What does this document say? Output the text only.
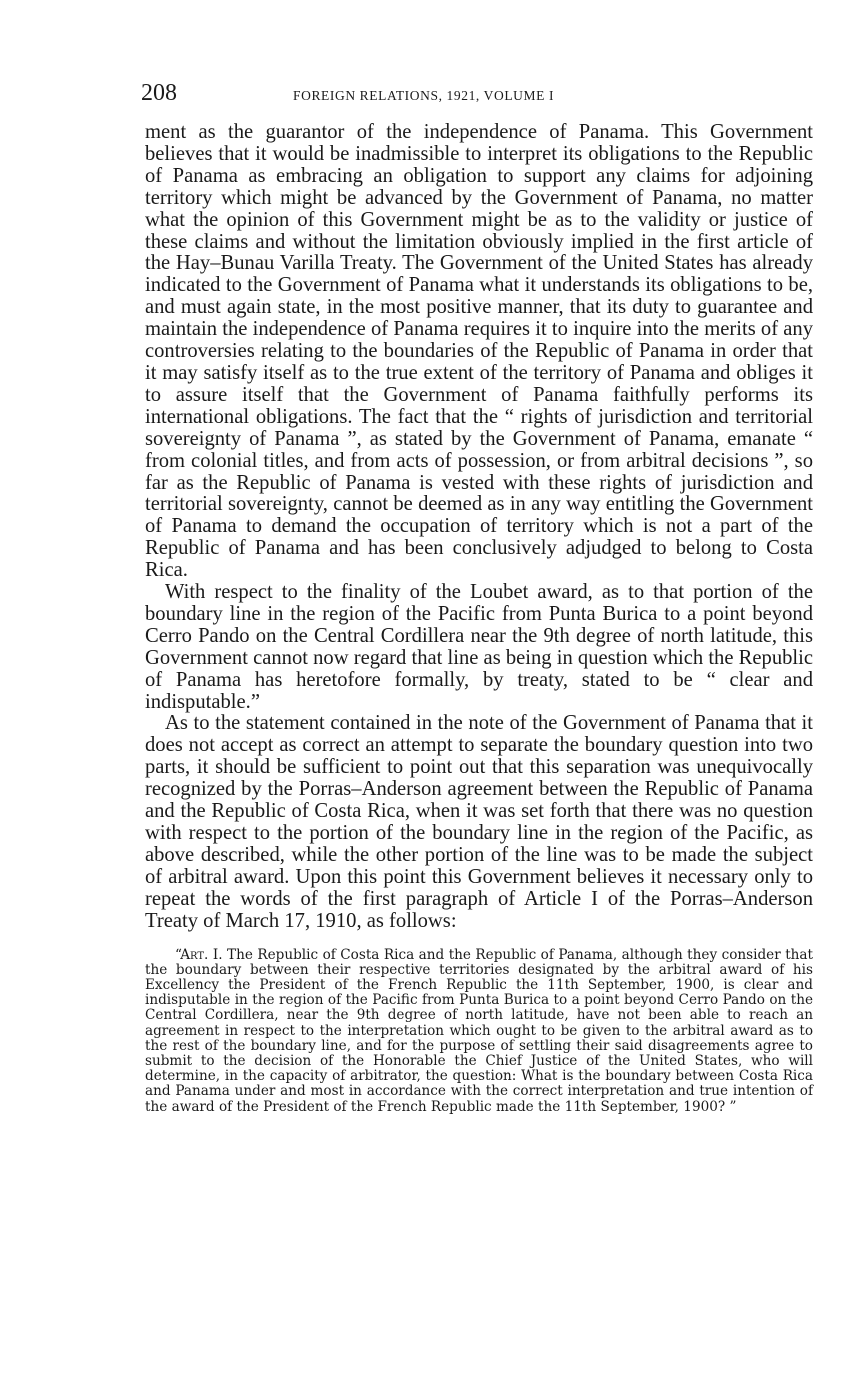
208	FOREIGN RELATIONS, 1921, VOLUME I

ment as the guarantor of the independence of Panama. This Government believes that it would be inadmissible to interpret its obligations to the Republic of Panama as embracing an obligation to support any claims for adjoining territory which might be advanced by the Government of Panama, no matter what the opinion of this Government might be as to the validity or justice of these claims and without the limitation obviously implied in the first article of the Hay–Bunau Varilla Treaty. The Government of the United States has already indicated to the Government of Panama what it understands its obligations to be, and must again state, in the most positive manner, that its duty to guarantee and maintain the independence of Panama requires it to inquire into the merits of any controversies relating to the boundaries of the Republic of Panama in order that it may satisfy itself as to the true extent of the territory of Panama and obliges it to assure itself that the Government of Panama faithfully performs its international obligations. The fact that the “ rights of jurisdiction and territorial sovereignty of Panama ”, as stated by the Government of Panama, emanate “ from colonial titles, and from acts of possession, or from arbitral decisions ”, so far as the Republic of Panama is vested with these rights of jurisdiction and territorial sovereignty, cannot be deemed as in any way entitling the Government of Panama to demand the occupation of territory which is not a part of the Republic of Panama and has been conclusively adjudged to belong to Costa Rica.

With respect to the finality of the Loubet award, as to that portion of the boundary line in the region of the Pacific from Punta Burica to a point beyond Cerro Pando on the Central Cordillera near the 9th degree of north latitude, this Government cannot now regard that line as being in question which the Republic of Panama has heretofore formally, by treaty, stated to be “ clear and indisputable.”

As to the statement contained in the note of the Government of Panama that it does not accept as correct an attempt to separate the boundary question into two parts, it should be sufficient to point out that this separation was unequivocally recognized by the Porras–Anderson agreement between the Republic of Panama and the Republic of Costa Rica, when it was set forth that there was no question with respect to the portion of the boundary line in the region of the Pacific, as above described, while the other portion of the line was to be made the subject of arbitral award. Upon this point this Government believes it necessary only to repeat the words of the first paragraph of Article I of the Porras–Anderson Treaty of March 17, 1910, as follows:

“Art. I. The Republic of Costa Rica and the Republic of Panama, although they consider that the boundary between their respective territories designated by the arbitral award of his Excellency the President of the French Republic the 11th September, 1900, is clear and indisputable in the region of the Pacific from Punta Burica to a point beyond Cerro Pando on the Central Cordillera, near the 9th degree of north latitude, have not been able to reach an agreement in respect to the interpretation which ought to be given to the arbitral award as to the rest of the boundary line, and for the purpose of settling their said disagreements agree to submit to the decision of the Honorable the Chief Justice of the United States, who will determine, in the capacity of arbitrator, the question: What is the boundary between Costa Rica and Panama under and most in accordance with the correct interpretation and true intention of the award of the President of the French Republic made the 11th September, 1900? ”
